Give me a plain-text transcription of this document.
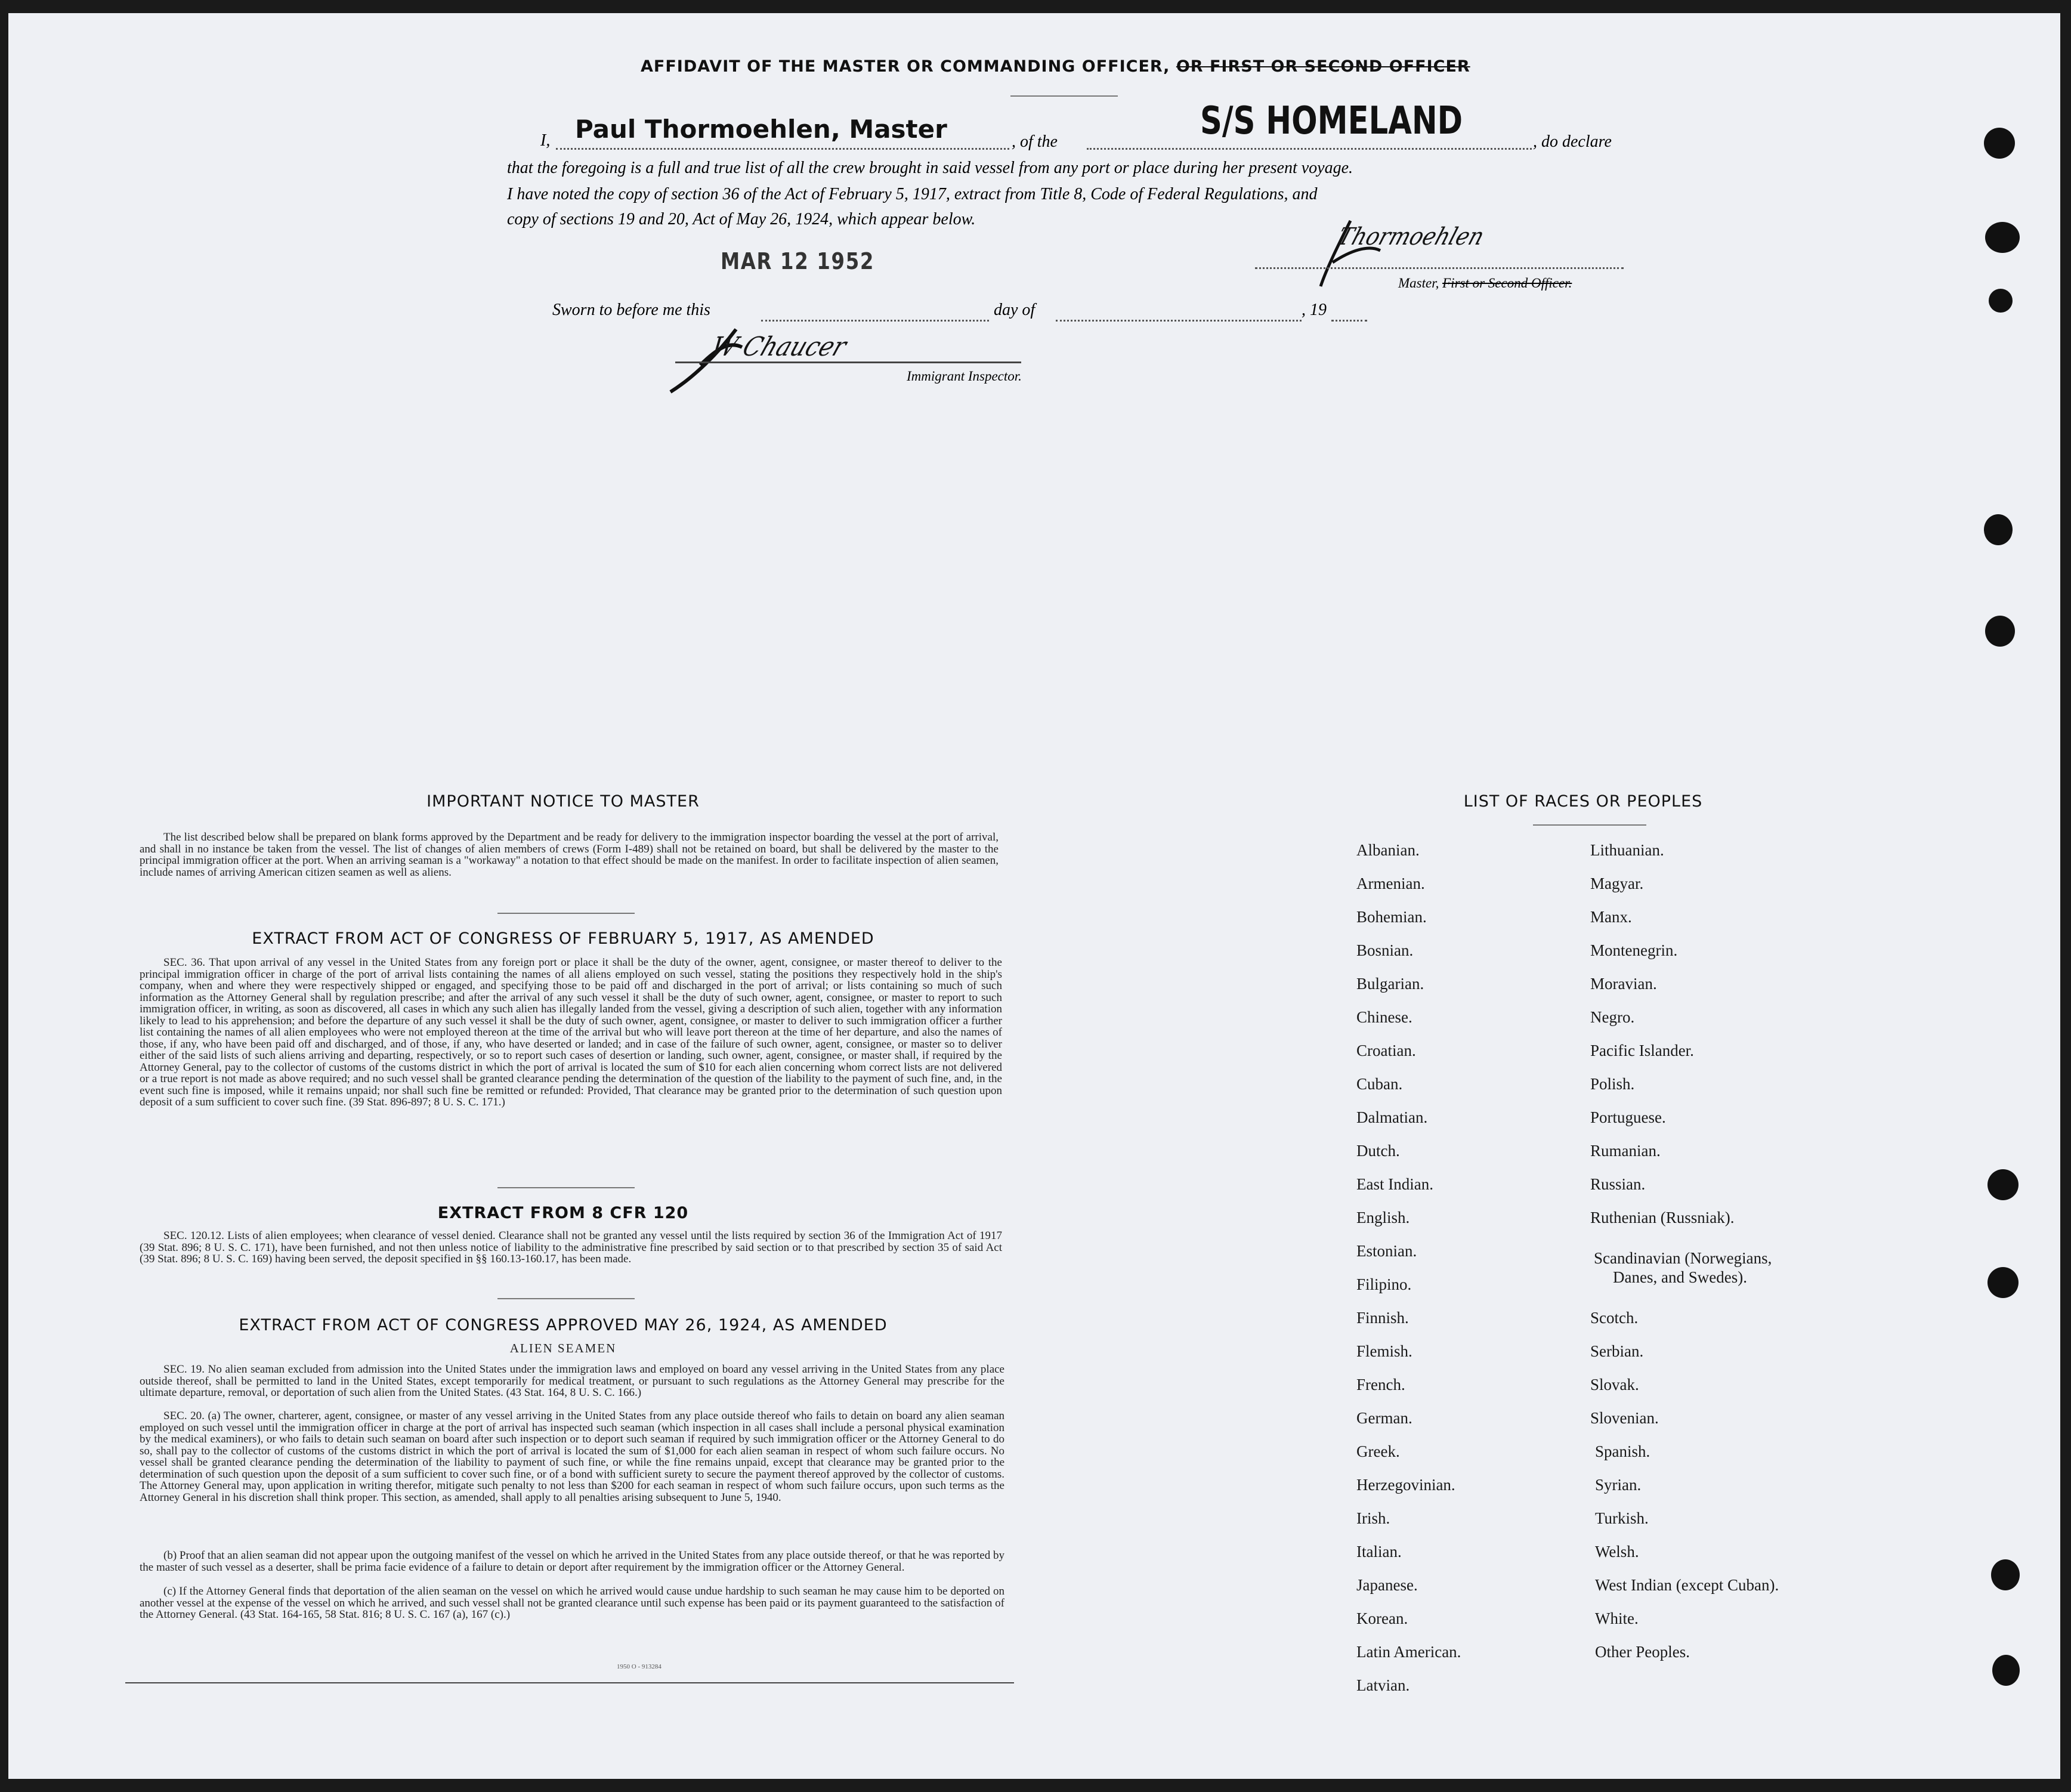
AFFIDAVIT OF THE MASTER OR COMMANDING OFFICER, OR FIRST OR SECOND OFFICER
I, Paul Thormoehlen, Master	, of the	S/S HOMELAND	, do declare
that the foregoing is a full and true list of all the crew brought in said vessel from any port or place during her present voyage.
I have noted the copy of section 36 of the Act of February 5, 1917, extract from Title 8, Code of Federal Regulations, and
copy of sections 19 and 20, Act of May 26, 1924, which appear below.
MAR 12 1952
Thormoehlen
Master, First or Second Officer.
Sworn to before me this	day of	, 19
W Chaucer
Immigrant Inspector.
IMPORTANT NOTICE TO MASTER
The list described below shall be prepared on blank forms approved by the Department and be ready for delivery to the immigration inspector boarding the vessel at the port of arrival, and shall in no instance be taken from the vessel. The list of changes of alien members of crews (Form I-489) shall not be retained on board, but shall be delivered by the master to the principal immigration officer at the port. When an arriving seaman is a "workaway" a notation to that effect should be made on the manifest. In order to facilitate inspection of alien seamen, include names of arriving American citizen seamen as well as aliens.
EXTRACT FROM ACT OF CONGRESS OF FEBRUARY 5, 1917, AS AMENDED
SEC. 36. That upon arrival of any vessel in the United States from any foreign port or place it shall be the duty of the owner, agent, consignee, or master thereof to deliver to the principal immigration officer in charge of the port of arrival lists containing the names of all aliens employed on such vessel, stating the positions they respectively hold in the ship's company, when and where they were respectively shipped or engaged, and specifying those to be paid off and discharged in the port of arrival; or lists containing so much of such information as the Attorney General shall by regulation prescribe; and after the arrival of any such vessel it shall be the duty of such owner, agent, consignee, or master to report to such immigration officer, in writing, as soon as discovered, all cases in which any such alien has illegally landed from the vessel, giving a description of such alien, together with any information likely to lead to his apprehension; and before the departure of any such vessel it shall be the duty of such owner, agent, consignee, or master to deliver to such immigration officer a further list containing the names of all alien employees who were not employed thereon at the time of the arrival but who will leave port thereon at the time of her departure, and also the names of those, if any, who have been paid off and discharged, and of those, if any, who have deserted or landed; and in case of the failure of such owner, agent, consignee, or master so to deliver either of the said lists of such aliens arriving and departing, respectively, or so to report such cases of desertion or landing, such owner, agent, consignee, or master shall, if required by the Attorney General, pay to the collector of customs of the customs district in which the port of arrival is located the sum of $10 for each alien concerning whom correct lists are not delivered or a true report is not made as above required; and no such vessel shall be granted clearance pending the determination of the question of the liability to the payment of such fine, and, in the event such fine is imposed, while it remains unpaid; nor shall such fine be remitted or refunded: Provided, That clearance may be granted prior to the determination of such question upon deposit of a sum sufficient to cover such fine. (39 Stat. 896-897; 8 U. S. C. 171.)
EXTRACT FROM 8 CFR 120
SEC. 120.12. Lists of alien employees; when clearance of vessel denied. Clearance shall not be granted any vessel until the lists required by section 36 of the Immigration Act of 1917 (39 Stat. 896; 8 U. S. C. 171), have been furnished, and not then unless notice of liability to the administrative fine prescribed by said section or to that prescribed by section 35 of said Act (39 Stat. 896; 8 U. S. C. 169) having been served, the deposit specified in §§ 160.13-160.17, has been made.
EXTRACT FROM ACT OF CONGRESS APPROVED MAY 26, 1924, AS AMENDED
ALIEN SEAMEN
SEC. 19. No alien seaman excluded from admission into the United States under the immigration laws and employed on board any vessel arriving in the United States from any place outside thereof, shall be permitted to land in the United States, except temporarily for medical treatment, or pursuant to such regulations as the Attorney General may prescribe for the ultimate departure, removal, or deportation of such alien from the United States. (43 Stat. 164, 8 U. S. C. 166.)
SEC. 20. (a) The owner, charterer, agent, consignee, or master of any vessel arriving in the United States from any place outside thereof who fails to detain on board any alien seaman employed on such vessel until the immigration officer in charge at the port of arrival has inspected such seaman (which inspection in all cases shall include a personal physical examination by the medical examiners), or who fails to detain such seaman on board after such inspection or to deport such seaman if required by such immigration officer or the Attorney General to do so, shall pay to the collector of customs of the customs district in which the port of arrival is located the sum of $1,000 for each alien seaman in respect of whom such failure occurs. No vessel shall be granted clearance pending the determination of the liability to payment of such fine, or while the fine remains unpaid, except that clearance may be granted prior to the determination of such question upon the deposit of a sum sufficient to cover such fine, or of a bond with sufficient surety to secure the payment thereof approved by the collector of customs. The Attorney General may, upon application in writing therefor, mitigate such penalty to not less than $200 for each seaman in respect of whom such failure occurs, upon such terms as the Attorney General in his discretion shall think proper. This section, as amended, shall apply to all penalties arising subsequent to June 5, 1940.
(b) Proof that an alien seaman did not appear upon the outgoing manifest of the vessel on which he arrived in the United States from any place outside thereof, or that he was reported by the master of such vessel as a deserter, shall be prima facie evidence of a failure to detain or deport after requirement by the immigration officer or the Attorney General.
(c) If the Attorney General finds that deportation of the alien seaman on the vessel on which he arrived would cause undue hardship to such seaman he may cause him to be deported on another vessel at the expense of the vessel on which he arrived, and such vessel shall not be granted clearance until such expense has been paid or its payment guaranteed to the satisfaction of the Attorney General. (43 Stat. 164-165, 58 Stat. 816; 8 U. S. C. 167 (a), 167 (c).)
1950 O - 913284
LIST OF RACES OR PEOPLES
Albanian.
Armenian.
Bohemian.
Bosnian.
Bulgarian.
Chinese.
Croatian.
Cuban.
Dalmatian.
Dutch.
East Indian.
English.
Estonian.
Filipino.
Finnish.
Flemish.
French.
German.
Greek.
Herzegovinian.
Irish.
Italian.
Japanese.
Korean.
Latin American.
Latvian.
Lithuanian.
Magyar.
Manx.
Montenegrin.
Moravian.
Negro.
Pacific Islander.
Polish.
Portuguese.
Rumanian.
Russian.
Ruthenian (Russniak).
Scandinavian (Norwegians,
Danes, and Swedes).
Scotch.
Serbian.
Slovak.
Slovenian.
Spanish.
Syrian.
Turkish.
Welsh.
West Indian (except Cuban).
White.
Other Peoples.
